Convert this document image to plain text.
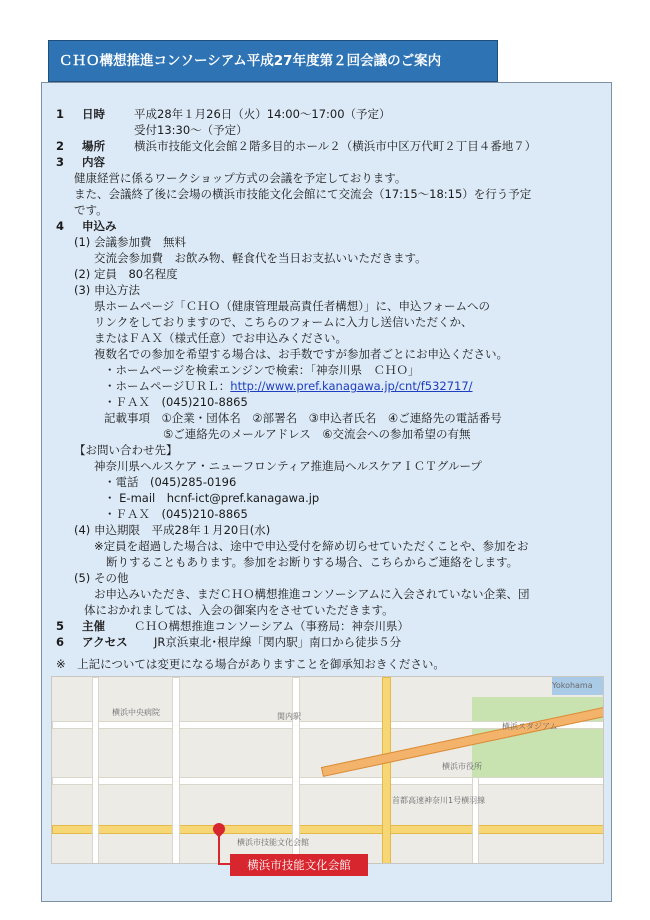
ＣＨＯ構想推進コンソーシアム平成27年度第２回会議のご案内
1 日時	平成28年１月26日（火）14:00～17:00（予定）
受付13:30～（予定）
2 場所	横浜市技能文化会館２階多目的ホール２（横浜市中区万代町２丁目４番地７）
3 内容
健康経営に係るワークショップ方式の会議を予定しております。
また、会議終了後に会場の横浜市技能文化会館にて交流会（17:15～18:15）を行う予定
です。
4 申込み
(1) 会議参加費　無料
交流会参加費　お飲み物、軽食代を当日お支払いいただきます。
(2) 定員　80名程度
(3) 申込方法
県ホームページ「ＣＨＯ（健康管理最高責任者構想）」に、申込フォームへの
リンクをしておりますので、こちらのフォームに入力し送信いただくか、
またはＦＡＸ（様式任意）でお申込みください。
複数名での参加を希望する場合は、お手数ですが参加者ごとにお申込ください。
・ホームページを検索エンジンで検索：「神奈川県　ＣＨＯ」
・ホームページＵＲＬ：http://www.pref.kanagawa.jp/cnt/f532717/
・ＦＡＸ　(045)210-8865
記載事項　①企業・団体名　②部署名　③申込者氏名　④ご連絡先の電話番号
⑤ご連絡先のメールアドレス　⑥交流会への参加希望の有無
【お問い合わせ先】
神奈川県ヘルスケア・ニューフロンティア推進局ヘルスケアＩＣＴグループ
・電話　(045)285-0196
・ E-mail　hcnf-ict@pref.kanagawa.jp
・ＦＡＸ　(045)210-8865
(4) 申込期限　平成28年１月20日(水)
※定員を超過した場合は、途中で申込受付を締め切らせていただくことや、参加をお
断りすることもあります。参加をお断りする場合、こちらからご連絡をします。
(5) その他
お申込みいただき、まだＣＨＯ構想推進コンソーシアムに入会されていない企業、団
体におかれましては、入会の御案内をさせていただきます。
5 主催	ＣＨＯ構想推進コンソーシアム（事務局：神奈川県）
6 アクセス JR京浜東北･根岸線「関内駅」南口から徒歩５分
※　上記については変更になる場合がありますことを御承知おきください。
横浜中央病院	関内駅
横浜市役所
横浜スタジアム
横浜市技能文化会館
首都高速神奈川1号横羽線
Yokohama
横浜市技能文化会館
